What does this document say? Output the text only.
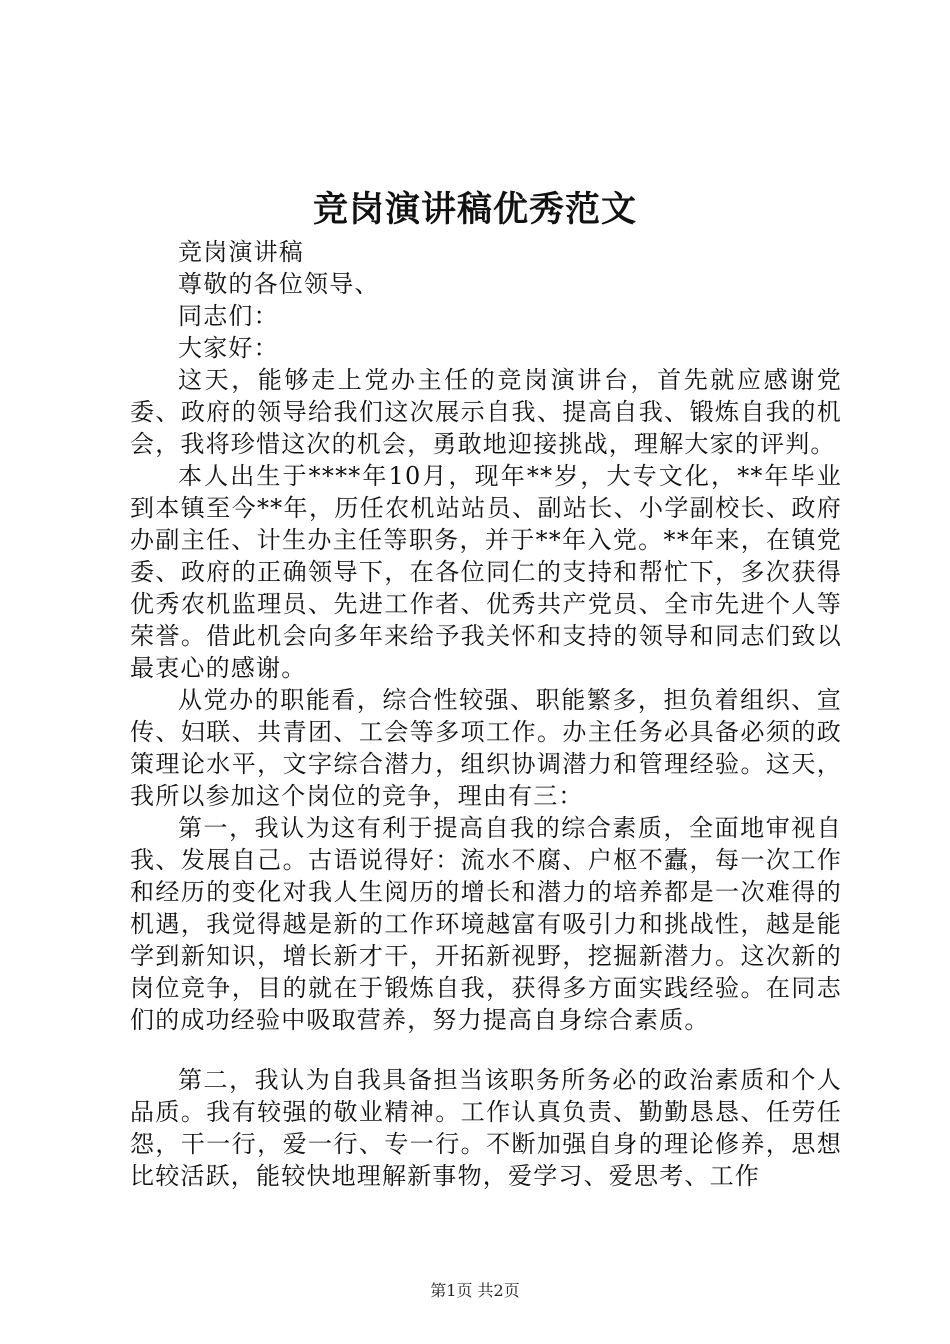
竞岗演讲稿优秀范文
竞岗演讲稿
尊敬的各位领导、
同志们：
大家好：

这天，能够走上党办主任的竞岗演讲台，首先就应感谢党委、政府的领导给我们这次展示自我、提高自我、锻炼自我的机会，我将珍惜这次的机会，勇敢地迎接挑战，理解大家的评判。

本人出生于****年10月，现年**岁，大专文化，**年毕业到本镇至今**年，历任农机站站员、副站长、小学副校长、政府办副主任、计生办主任等职务，并于**年入党。**年来，在镇党委、政府的正确领导下，在各位同仁的支持和帮忙下，多次获得优秀农机监理员、先进工作者、优秀共产党员、全市先进个人等荣誉。借此机会向多年来给予我关怀和支持的领导和同志们致以最衷心的感谢。

从党办的职能看，综合性较强、职能繁多，担负着组织、宣传、妇联、共青团、工会等多项工作。办主任务必具备必须的政策理论水平，文字综合潜力，组织协调潜力和管理经验。这天，我所以参加这个岗位的竞争，理由有三：

第一，我认为这有利于提高自我的综合素质，全面地审视自我、发展自己。古语说得好：流水不腐、户枢不蠹，每一次工作和经历的变化对我人生阅历的增长和潜力的培养都是一次难得的机遇，我觉得越是新的工作环境越富有吸引力和挑战性，越是能学到新知识，增长新才干，开拓新视野，挖掘新潜力。这次新的岗位竞争，目的就在于锻炼自我，获得多方面实践经验。在同志们的成功经验中吸取营养，努力提高自身综合素质。

第二，我认为自我具备担当该职务所务必的政治素质和个人品质。我有较强的敬业精神。工作认真负责、勤勤恳恳、任劳任怨，干一行，爱一行、专一行。不断加强自身的理论修养，思想比较活跃，能较快地理解新事物，爱学习、爱思考、工作

第1页 共2页
